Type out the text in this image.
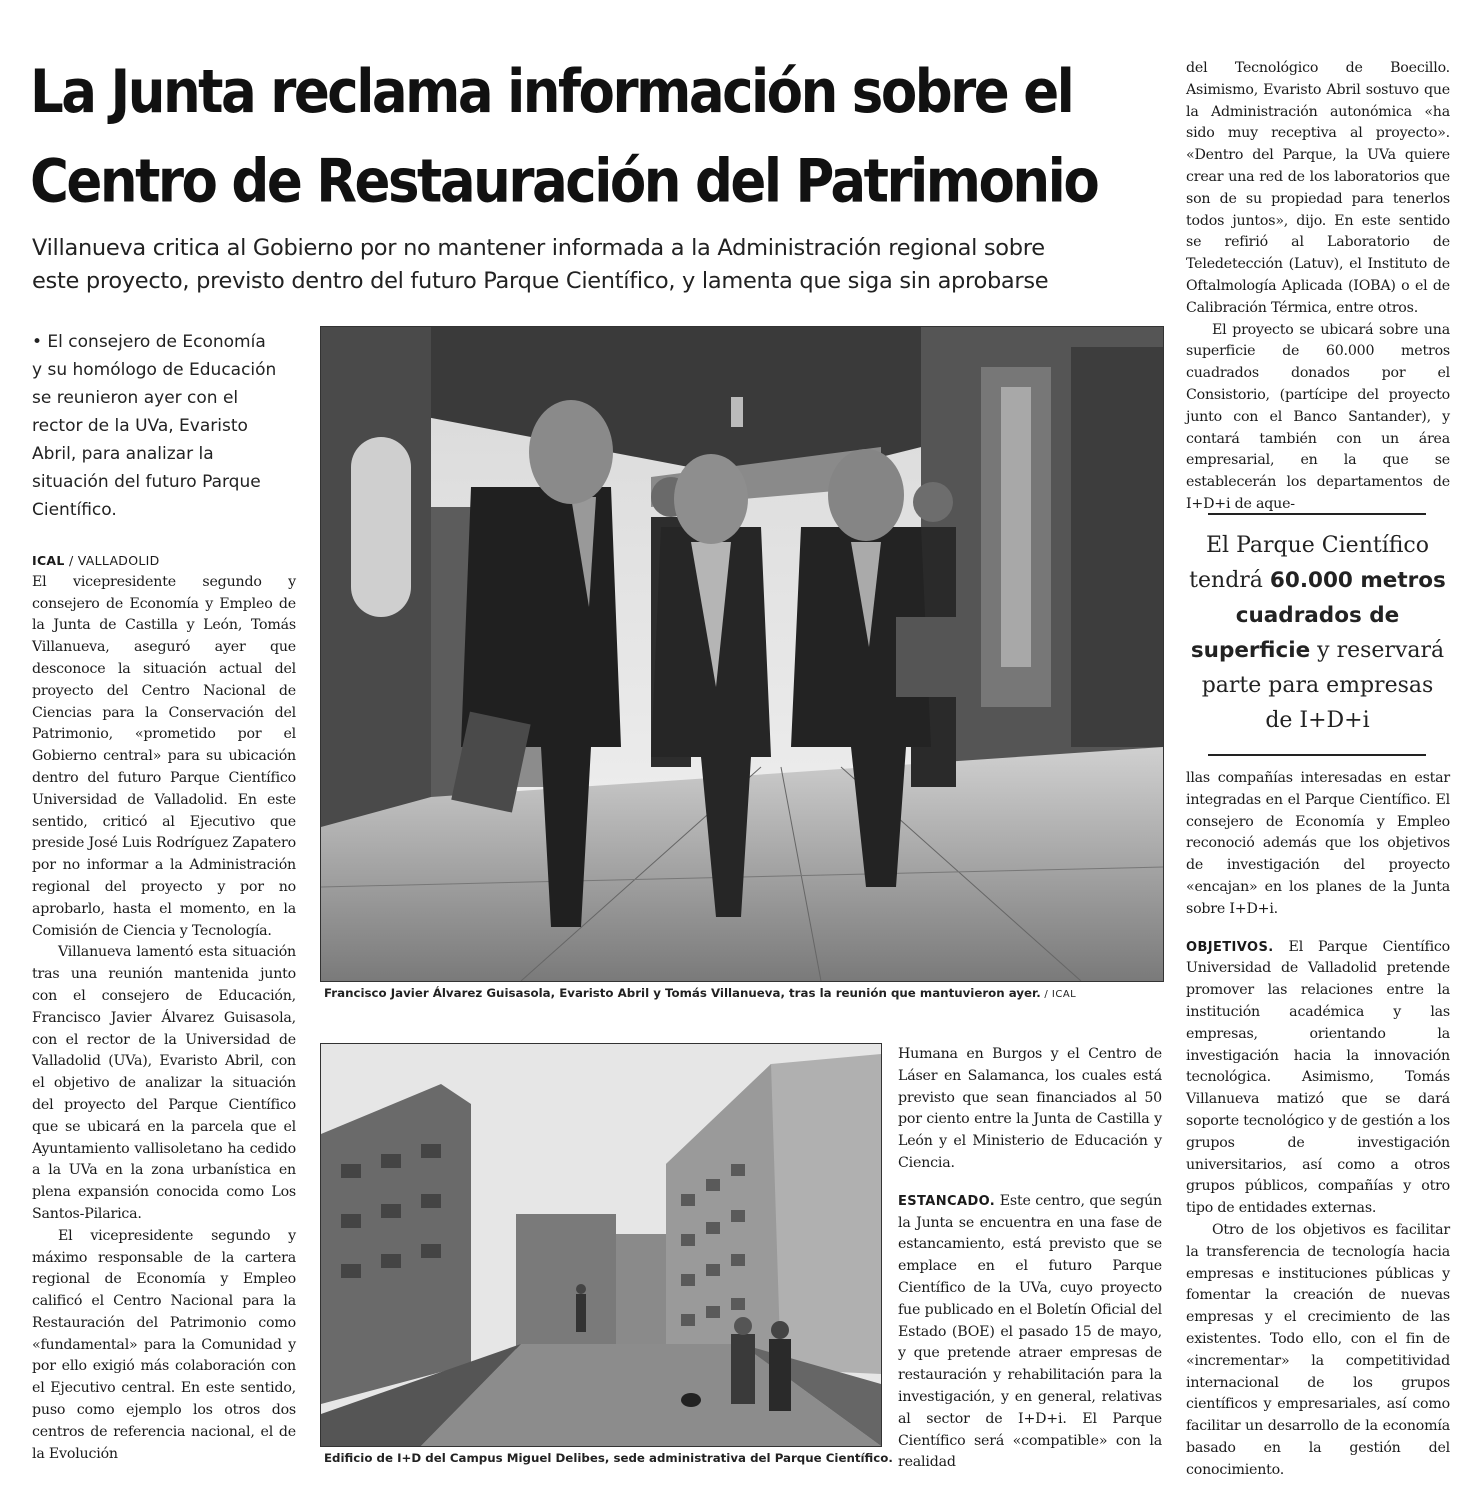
La Junta reclama información sobre el
Centro de Restauración del Patrimonio
Villanueva critica al Gobierno por no mantener informada a la Administración regional sobre
este proyecto, previsto dentro del futuro Parque Científico, y lamenta que siga sin aprobarse
• El consejero de Economía y su homólogo de Educación se reunieron ayer con el rector de la UVa, Evaristo Abril, para analizar la situación del futuro Parque Científico.
ICAL / VALLADOLID

El vicepresidente segundo y consejero de Economía y Empleo de la Junta de Castilla y León, Tomás Villanueva, aseguró ayer que desconoce la situación actual del proyecto del Centro Nacional de Ciencias para la Conservación del Patrimonio, «prometido por el Gobierno central» para su ubicación dentro del futuro Parque Científico Universidad de Valladolid. En este sentido, criticó al Ejecutivo que preside José Luis Rodríguez Zapatero por no informar a la Administración regional del proyecto y por no aprobarlo, hasta el momento, en la Comisión de Ciencia y Tecnología.

Villanueva lamentó esta situación tras una reunión mantenida junto con el consejero de Educación, Francisco Javier Álvarez Guisasola, con el rector de la Universidad de Valladolid (UVa), Evaristo Abril, con el objetivo de analizar la situación del proyecto del Parque Científico que se ubicará en la parcela que el Ayuntamiento vallisoletano ha cedido a la UVa en la zona urbanística en plena expansión conocida como Los Santos-Pilarica.

El vicepresidente segundo y máximo responsable de la cartera regional de Economía y Empleo calificó el Centro Nacional para la Restauración del Patrimonio como «fundamental» para la Comunidad y por ello exigió más colaboración con el Ejecutivo central. En este sentido, puso como ejemplo los otros dos centros de referencia nacional, el de la Evolución

Francisco Javier Álvarez Guisasola, Evaristo Abril y Tomás Villanueva, tras la reunión que mantuvieron ayer. / ICAL
Edificio de I+D del Campus Miguel Delibes, sede administrativa del Parque Científico.

Humana en Burgos y el Centro de Láser en Salamanca, los cuales está previsto que sean financiados al 50 por ciento entre la Junta de Castilla y León y el Ministerio de Educación y Ciencia.

ESTANCADO. Este centro, que según la Junta se encuentra en una fase de estancamiento, está previsto que se emplace en el futuro Parque Científico de la UVa, cuyo proyecto fue publicado en el Boletín Oficial del Estado (BOE) el pasado 15 de mayo, y que pretende atraer empresas de restauración y rehabilitación para la investigación, y en general, relativas al sector de I+D+i. El Parque Científico será «compatible» con la realidad

del Tecnológico de Boecillo. Asimismo, Evaristo Abril sostuvo que la Administración autonómica «ha sido muy receptiva al proyecto». «Dentro del Parque, la UVa quiere crear una red de los laboratorios que son de su propiedad para tenerlos todos juntos», dijo. En este sentido se refirió al Laboratorio de Teledetección (Latuv), el Instituto de Oftalmología Aplicada (IOBA) o el de Calibración Térmica, entre otros.

El proyecto se ubicará sobre una superficie de 60.000 metros cuadrados donados por el Consistorio, (partícipe del proyecto junto con el Banco Santander), y contará también con un área empresarial, en la que se establecerán los departamentos de I+D+i de aque-

El Parque Científico tendrá 60.000 metros cuadrados de superficie y reservará parte para empresas de I+D+i

llas compañías interesadas en estar integradas en el Parque Científico. El consejero de Economía y Empleo reconoció además que los objetivos de investigación del proyecto «encajan» en los planes de la Junta sobre I+D+i.

OBJETIVOS. El Parque Científico Universidad de Valladolid pretende promover las relaciones entre la institución académica y las empresas, orientando la investigación hacia la innovación tecnológica. Asimismo, Tomás Villanueva matizó que se dará soporte tecnológico y de gestión a los grupos de investigación universitarios, así como a otros grupos públicos, compañías y otro tipo de entidades externas.

Otro de los objetivos es facilitar la transferencia de tecnología hacia empresas e instituciones públicas y fomentar la creación de nuevas empresas y el crecimiento de las existentes. Todo ello, con el fin de «incrementar» la competitividad internacional de los grupos científicos y empresariales, así como facilitar un desarrollo de la economía basado en la gestión del conocimiento.
